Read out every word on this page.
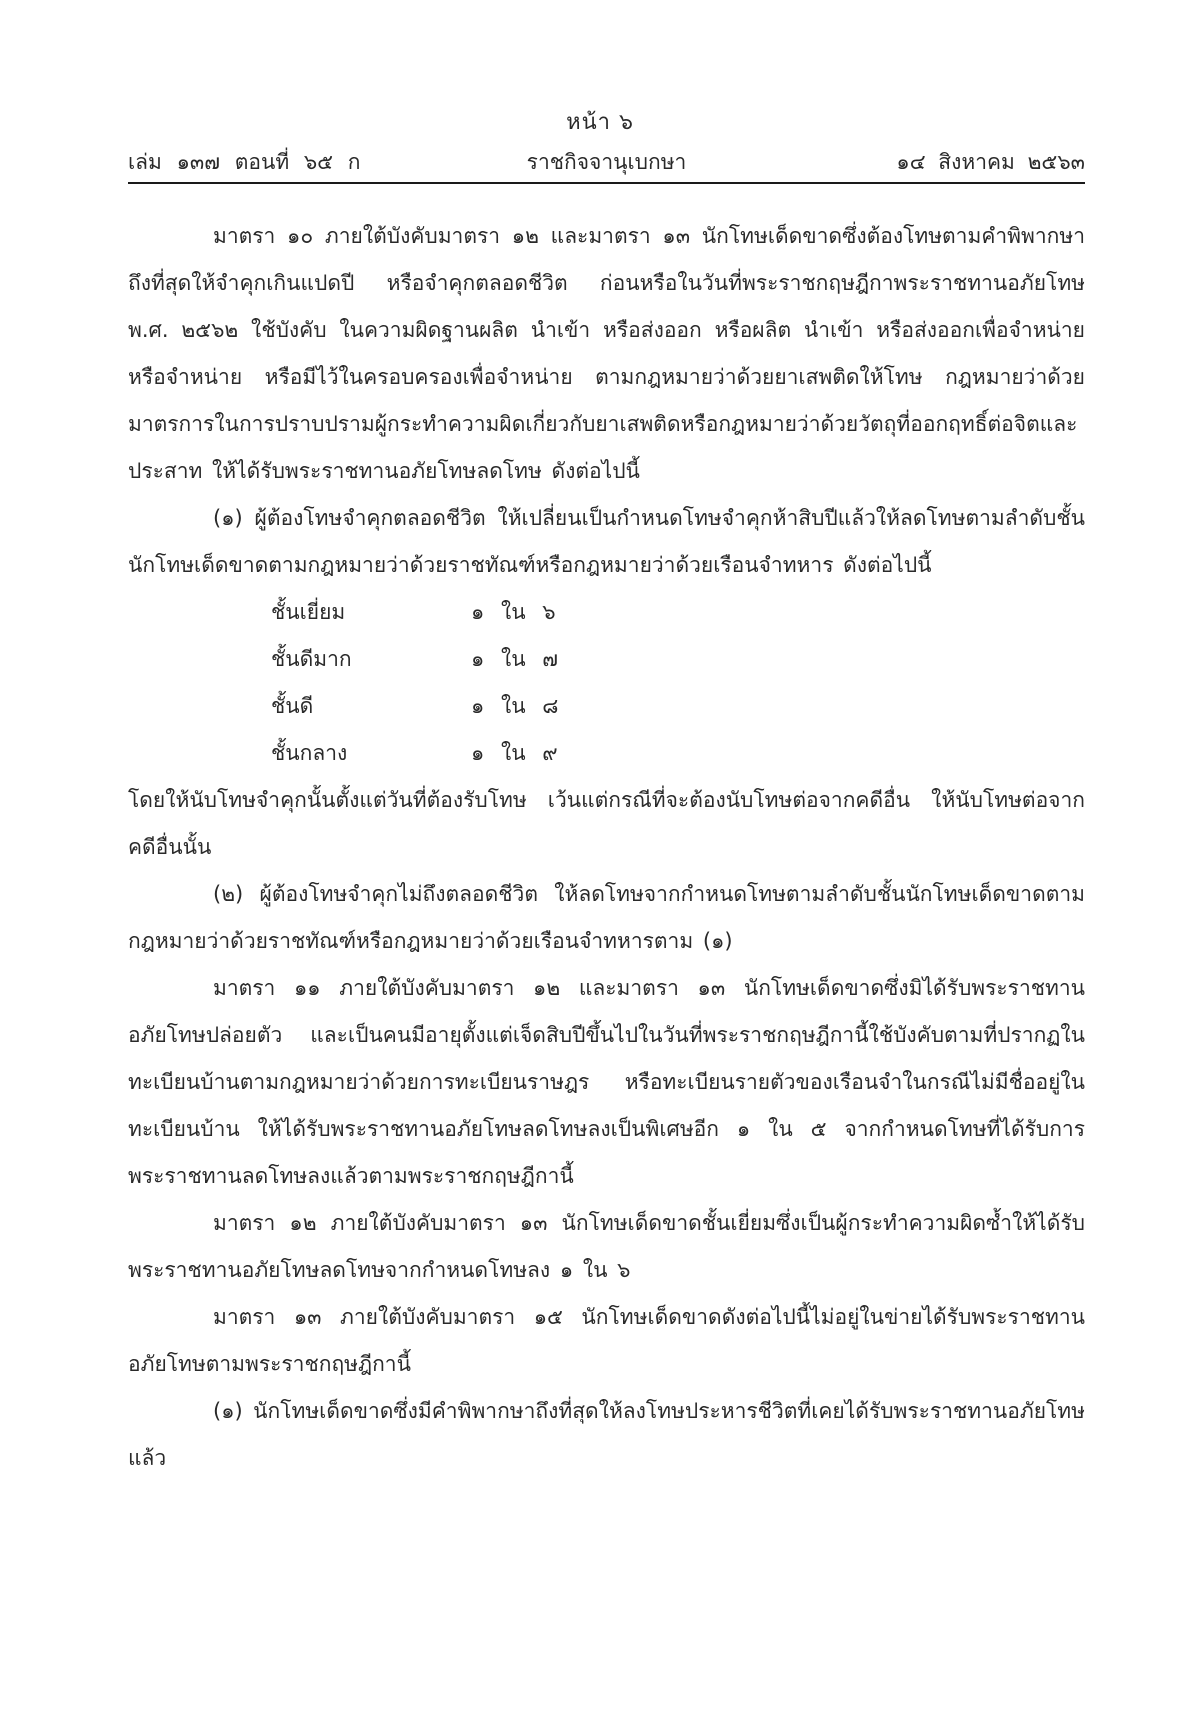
หน้า ๖
เล่ม ๑๓๗ ตอนที่ ๖๕ ก	ราชกิจจานุเบกษา	๑๔ สิงหาคม ๒๕๖๓

มาตรา ๑๐ ภายใต้บังคับมาตรา ๑๒ และมาตรา ๑๓ นักโทษเด็ดขาดซึ่งต้องโทษตามคำพิพากษาถึงที่สุดให้จำคุกเกินแปดปี หรือจำคุกตลอดชีวิต ก่อนหรือในวันที่พระราชกฤษฎีกาพระราชทานอภัยโทษ พ.ศ. ๒๕๖๒ ใช้บังคับ ในความผิดฐานผลิต นำเข้า หรือส่งออก หรือผลิต นำเข้า หรือส่งออกเพื่อจำหน่าย หรือจำหน่าย หรือมีไว้ในครอบครองเพื่อจำหน่าย ตามกฎหมายว่าด้วยยาเสพติดให้โทษ กฎหมายว่าด้วยมาตรการในการปราบปรามผู้กระทำความผิดเกี่ยวกับยาเสพติดหรือกฎหมายว่าด้วยวัตถุที่ออกฤทธิ์ต่อจิตและประสาท ให้ได้รับพระราชทานอภัยโทษลดโทษ ดังต่อไปนี้

(๑) ผู้ต้องโทษจำคุกตลอดชีวิต ให้เปลี่ยนเป็นกำหนดโทษจำคุกห้าสิบปีแล้วให้ลดโทษตามลำดับชั้นนักโทษเด็ดขาดตามกฎหมายว่าด้วยราชทัณฑ์หรือกฎหมายว่าด้วยเรือนจำทหาร ดังต่อไปนี้

ชั้นเยี่ยม	๑ ใน ๖
ชั้นดีมาก	๑ ใน ๗
ชั้นดี	๑ ใน ๘
ชั้นกลาง	๑ ใน ๙

โดยให้นับโทษจำคุกนั้นตั้งแต่วันที่ต้องรับโทษ เว้นแต่กรณีที่จะต้องนับโทษต่อจากคดีอื่น ให้นับโทษต่อจากคดีอื่นนั้น

(๒) ผู้ต้องโทษจำคุกไม่ถึงตลอดชีวิต ให้ลดโทษจากกำหนดโทษตามลำดับชั้นนักโทษเด็ดขาดตามกฎหมายว่าด้วยราชทัณฑ์หรือกฎหมายว่าด้วยเรือนจำทหารตาม (๑)

มาตรา ๑๑ ภายใต้บังคับมาตรา ๑๒ และมาตรา ๑๓ นักโทษเด็ดขาดซึ่งมิได้รับพระราชทานอภัยโทษปล่อยตัว และเป็นคนมีอายุตั้งแต่เจ็ดสิบปีขึ้นไปในวันที่พระราชกฤษฎีกานี้ใช้บังคับตามที่ปรากฏในทะเบียนบ้านตามกฎหมายว่าด้วยการทะเบียนราษฎร หรือทะเบียนรายตัวของเรือนจำในกรณีไม่มีชื่ออยู่ในทะเบียนบ้าน ให้ได้รับพระราชทานอภัยโทษลดโทษลงเป็นพิเศษอีก ๑ ใน ๕ จากกำหนดโทษที่ได้รับการพระราชทานลดโทษลงแล้วตามพระราชกฤษฎีกานี้

มาตรา ๑๒ ภายใต้บังคับมาตรา ๑๓ นักโทษเด็ดขาดชั้นเยี่ยมซึ่งเป็นผู้กระทำความผิดซ้ำให้ได้รับพระราชทานอภัยโทษลดโทษจากกำหนดโทษลง ๑ ใน ๖

มาตรา ๑๓ ภายใต้บังคับมาตรา ๑๕ นักโทษเด็ดขาดดังต่อไปนี้ไม่อยู่ในข่ายได้รับพระราชทานอภัยโทษตามพระราชกฤษฎีกานี้

(๑) นักโทษเด็ดขาดซึ่งมีคำพิพากษาถึงที่สุดให้ลงโทษประหารชีวิตที่เคยได้รับพระราชทานอภัยโทษแล้ว
